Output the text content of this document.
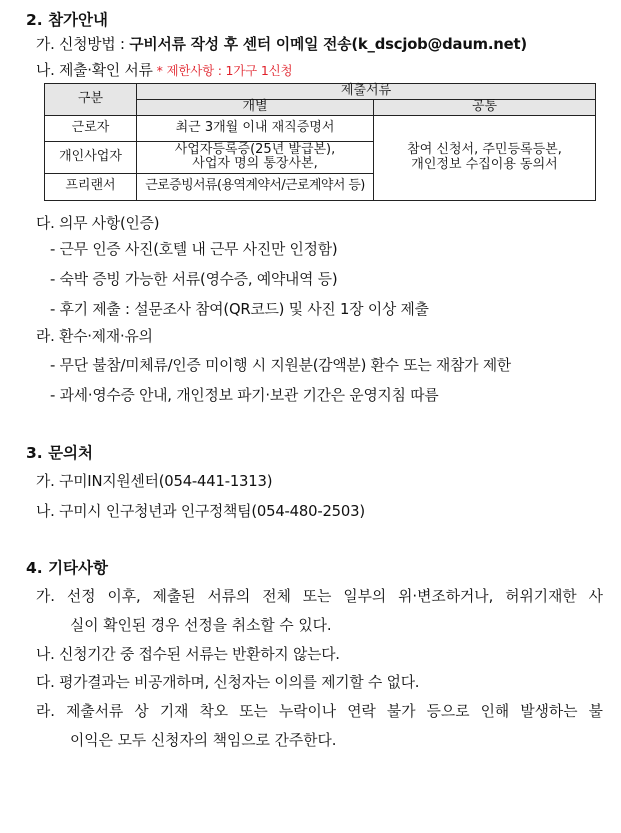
2. 참가안내
가. 신청방법 : 구비서류 작성 후 센터 이메일 전송(k_dscjob@daum.net)
나. 제출·확인 서류 * 제한사항 : 1가구 1신청
구분	제출서류	
	개별	공통
근로자	최근 3개월 이내 재직증명서	참여 신청서, 주민등록등본,
개인정보 수집이용 동의서
개인사업자	사업자등록증(25년 발급본),
사업자 명의 통장사본,	
프리랜서	근로증빙서류(용역계약서/근로계약서 등)	
다. 의무 사항(인증)
- 근무 인증 사진(호텔 내 근무 사진만 인정함)
- 숙박 증빙 가능한 서류(영수증, 예약내역 등)
- 후기 제출 : 설문조사 참여(QR코드) 및 사진 1장 이상 제출
라. 환수·제재·유의
- 무단 불참/미체류/인증 미이행 시 지원분(감액분) 환수 또는 재참가 제한
- 과세·영수증 안내, 개인정보 파기·보관 기간은 운영지침 따름
3. 문의처
가. 구미IN지원센터(054-441-1313)
나. 구미시 인구청년과 인구정책팀(054-480-2503)
4. 기타사항
가. 선정 이후, 제출된 서류의 전체 또는 일부의 위·변조하거나, 허위기재한 사
실이 확인된 경우 선정을 취소할 수 있다.
나. 신청기간 중 접수된 서류는 반환하지 않는다.
다. 평가결과는 비공개하며, 신청자는 이의를 제기할 수 없다.
라. 제출서류 상 기재 착오 또는 누락이나 연락 불가 등으로 인해 발생하는 불
이익은 모두 신청자의 책임으로 간주한다.
